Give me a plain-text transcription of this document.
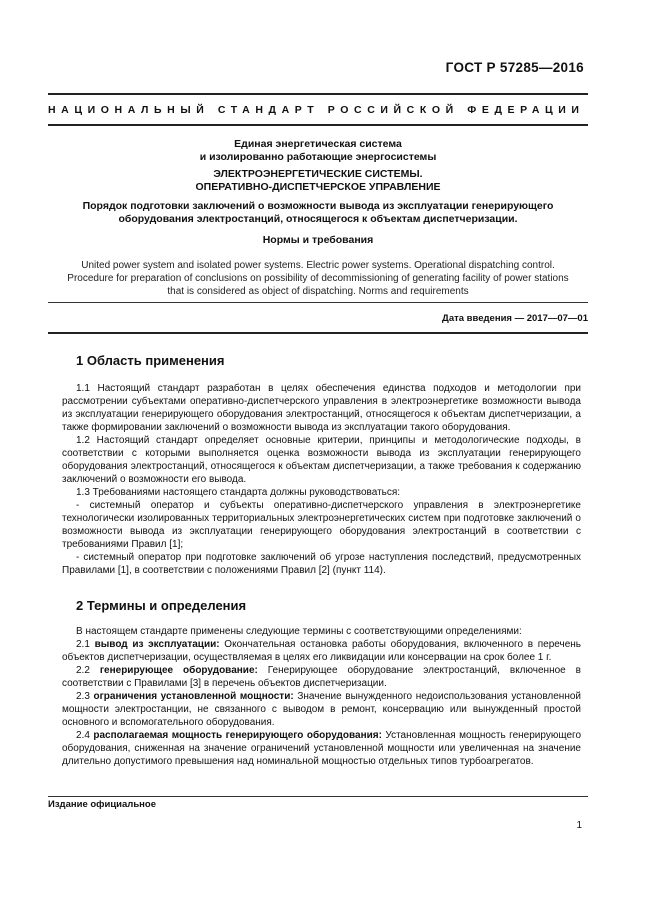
ГОСТ Р 57285—2016
НАЦИОНАЛЬНЫЙ СТАНДАРТ РОССИЙСКОЙ ФЕДЕРАЦИИ
Единая энергетическая система
и изолированно работающие энергосистемы
ЭЛЕКТРОЭНЕРГЕТИЧЕСКИЕ СИСТЕМЫ.
ОПЕРАТИВНО-ДИСПЕТЧЕРСКОЕ УПРАВЛЕНИЕ
Порядок подготовки заключений о возможности вывода из эксплуатации генерирующего
оборудования электростанций, относящегося к объектам диспетчеризации.
Нормы и требования
United power system and isolated power systems. Electric power systems. Operational dispatching control.
Procedure for preparation of conclusions on possibility of decommissioning of generating facility of power stations
that is considered as object of dispatching. Norms and requirements
Дата введения — 2017—07—01
1 Область применения

1.1 Настоящий стандарт разработан в целях обеспечения единства подходов и методологии при рассмотрении субъектами оперативно-диспетчерского управления в электроэнергетике возможности вывода из эксплуатации генерирующего оборудования электростанций, относящегося к объектам диспетчеризации, а также формировании заключений о возможности вывода из эксплуатации такого оборудования.

1.2 Настоящий стандарт определяет основные критерии, принципы и методологические подходы, в соответствии с которыми выполняется оценка возможности вывода из эксплуатации генерирующего оборудования электростанций, относящегося к объектам диспетчеризации, а также требования к содержанию заключений о возможности его вывода.

1.3 Требованиями настоящего стандарта должны руководствоваться:

- системный оператор и субъекты оперативно-диспетчерского управления в электроэнергетике технологически изолированных территориальных электроэнергетических систем при подготовке заключений о возможности вывода из эксплуатации генерирующего оборудования электростанций в соответствии с требованиями Правил [1];

- системный оператор при подготовке заключений об угрозе наступления последствий, предусмотренных Правилами [1], в соответствии с положениями Правил [2] (пункт 114).

2 Термины и определения

В настоящем стандарте применены следующие термины с соответствующими определениями:

2.1 вывод из эксплуатации: Окончательная остановка работы оборудования, включенного в перечень объектов диспетчеризации, осуществляемая в целях его ликвидации или консервации на срок более 1 г.

2.2 генерирующее оборудование: Генерирующее оборудование электростанций, включенное в соответствии с Правилами [3] в перечень объектов диспетчеризации.

2.3 ограничения установленной мощности: Значение вынужденного недоиспользования установленной мощности электростанции, не связанного с выводом в ремонт, консервацию или вынужденный простой основного и вспомогательного оборудования.

2.4 располагаемая мощность генерирующего оборудования: Установленная мощность генерирующего оборудования, сниженная на значение ограничений установленной мощности или увеличенная на значение длительно допустимого превышения над номинальной мощностью отдельных типов турбоагрегатов.

Издание официальное
1
